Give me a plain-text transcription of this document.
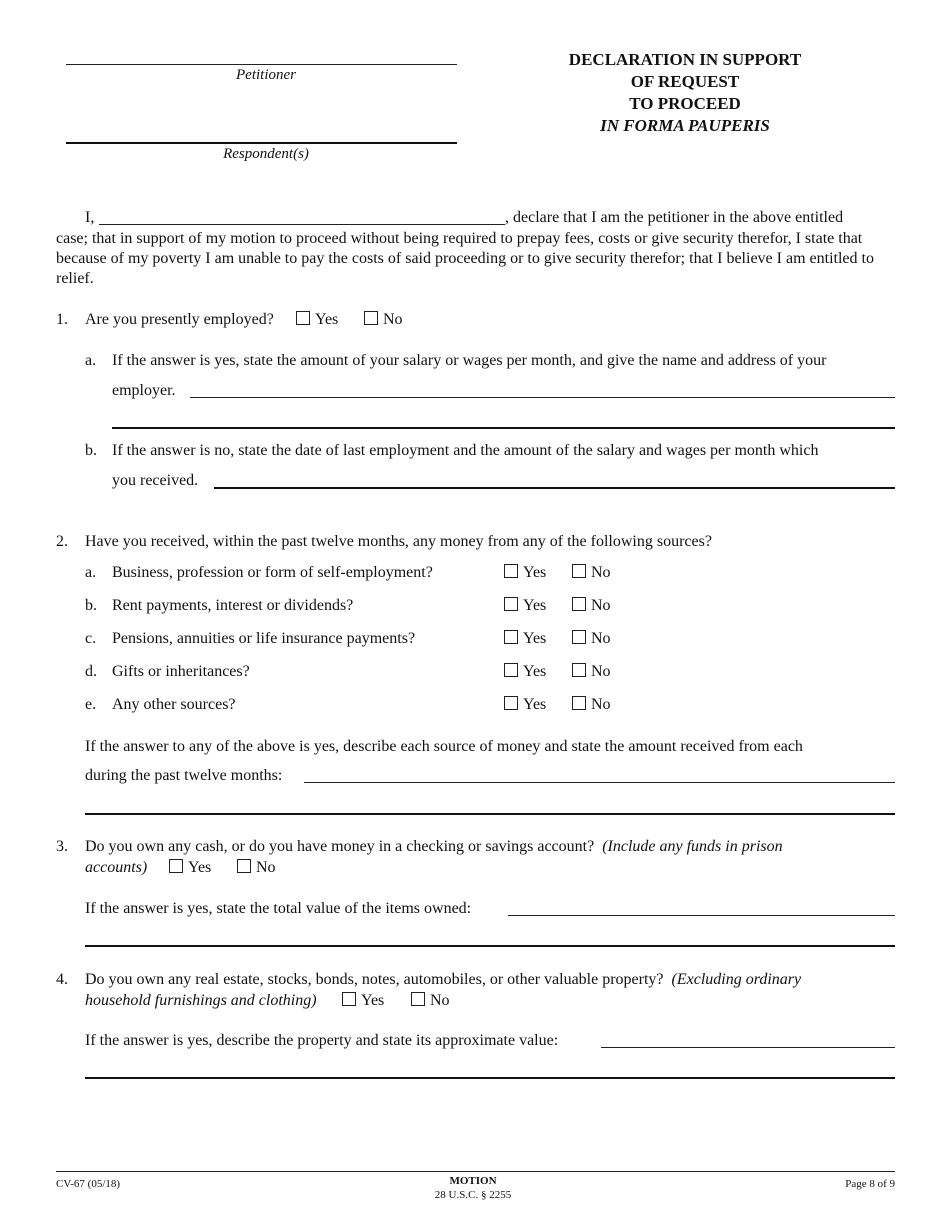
Petitioner
Respondent(s)
DECLARATION IN SUPPORT
OF REQUEST
TO PROCEED
IN FORMA PAUPERIS
I,	, declare that I am the petitioner in the above entitled
case; that in support of my motion to proceed without being required to prepay fees, costs or give security therefor, I state that because of my poverty I am unable to pay the costs of said proceeding or to give security therefor; that I believe I am entitled to relief.
1. Are you presently employed?	Yes	No
a. If the answer is yes, state the amount of your salary or wages per month, and give the name and address of your
employer.
b. If the answer is no, state the date of last employment and the amount of the salary and wages per month which
you received.
2. Have you received, within the past twelve months, any money from any of the following sources?
a. Business, profession or form of self-employment?	Yes	No
b. Rent payments, interest or dividends?	Yes	No
c. Pensions, annuities or life insurance payments?	Yes	No
d. Gifts or inheritances?	Yes	No
e. Any other sources?	Yes	No
If the answer to any of the above is yes, describe each source of money and state the amount received from each
during the past twelve months:
3. Do you own any cash, or do you have money in a checking or savings account? (Include any funds in prison
accounts)	Yes	No
If the answer is yes, state the total value of the items owned:
4. Do you own any real estate, stocks, bonds, notes, automobiles, or other valuable property? (Excluding ordinary
household furnishings and clothing)	Yes	No
If the answer is yes, describe the property and state its approximate value:
CV-67 (05/18)	MOTION
28 U.S.C. § 2255
Page 8 of 9
